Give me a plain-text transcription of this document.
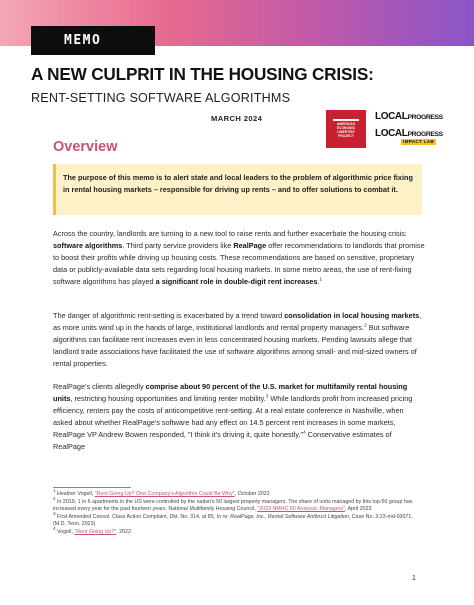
MEMO
A NEW CULPRIT IN THE HOUSING CRISIS:
RENT-SETTING SOFTWARE ALGORITHMS
MARCH 2024
AMERICAN
ECONOMIC
LIBERTIES
PROJECT
LOCALPROGRESS
LOCALPROGRESS
IMPACT LAB
Overview
The purpose of this memo is to alert state and local leaders to the problem of algorithmic price fixing in rental housing markets – responsible for driving up rents – and to offer solutions to combat it.
Across the country, landlords are turning to a new tool to raise rents and further exacerbate the housing crisis: software algorithms. Third party service providers like RealPage offer recommendations to landlords that promise to boost their profits while driving up housing costs. These recommendations are based on sensitive, proprietary data or publicly-available data sets regarding local housing markets. In some metro areas, the use of rent-fixing software algorithms has played a significant role in double-digit rent increases.$^1$
The danger of algorithmic rent-setting is exacerbated by a trend toward consolidation in local housing markets, as more units wind up in the hands of large, institutional landlords and rental property managers.$^2$ But software algorithms can facilitate rent increases even in less concentrated housing markets. Pending lawsuits allege that landlord trade associations have facilitated the use of software algorithms among small- and mid-sized owners of rental properties.
RealPage's clients allegedly comprise about 90 percent of the U.S. market for multifamily rental housing units, restricting housing opportunities and limiting renter mobility.$^3$ While landlords profit from increased pricing efficiency, renters pay the costs of anticompetitive rent-setting. At a real estate conference in Nashville, when asked about whether RealPage's software had any effect on 14.5 percent rent increases in some markets, RealPage VP Andrew Bowen responded, "I think it's driving it, quite honestly."$^4$ Conservative estimates of RealPage
$^1$ Heather Vogell, "Rent Going Up? One Company's Algorithm Could Be Why", October 2022
$^2$ In 2019, 1 in 6 apartments in the US were controlled by the nation's 50 largest property managers. The share of units managed by this top-50 group has increased every year for the past fourteen years. National Multifamily Housing Council, "2023 NMHC 50 Analysis: Managers", April 2023
$^3$ First Amended Consol. Class Action Complaint, Dkt. No. 314, at 85, In re: RealPage, Inc., Rental Software Antitrust Litigation, Case No. 3:23-md-03071, (M.D. Tenn. 2023)
$^4$ Vogell, "Rent Going Up?", 2022
1
